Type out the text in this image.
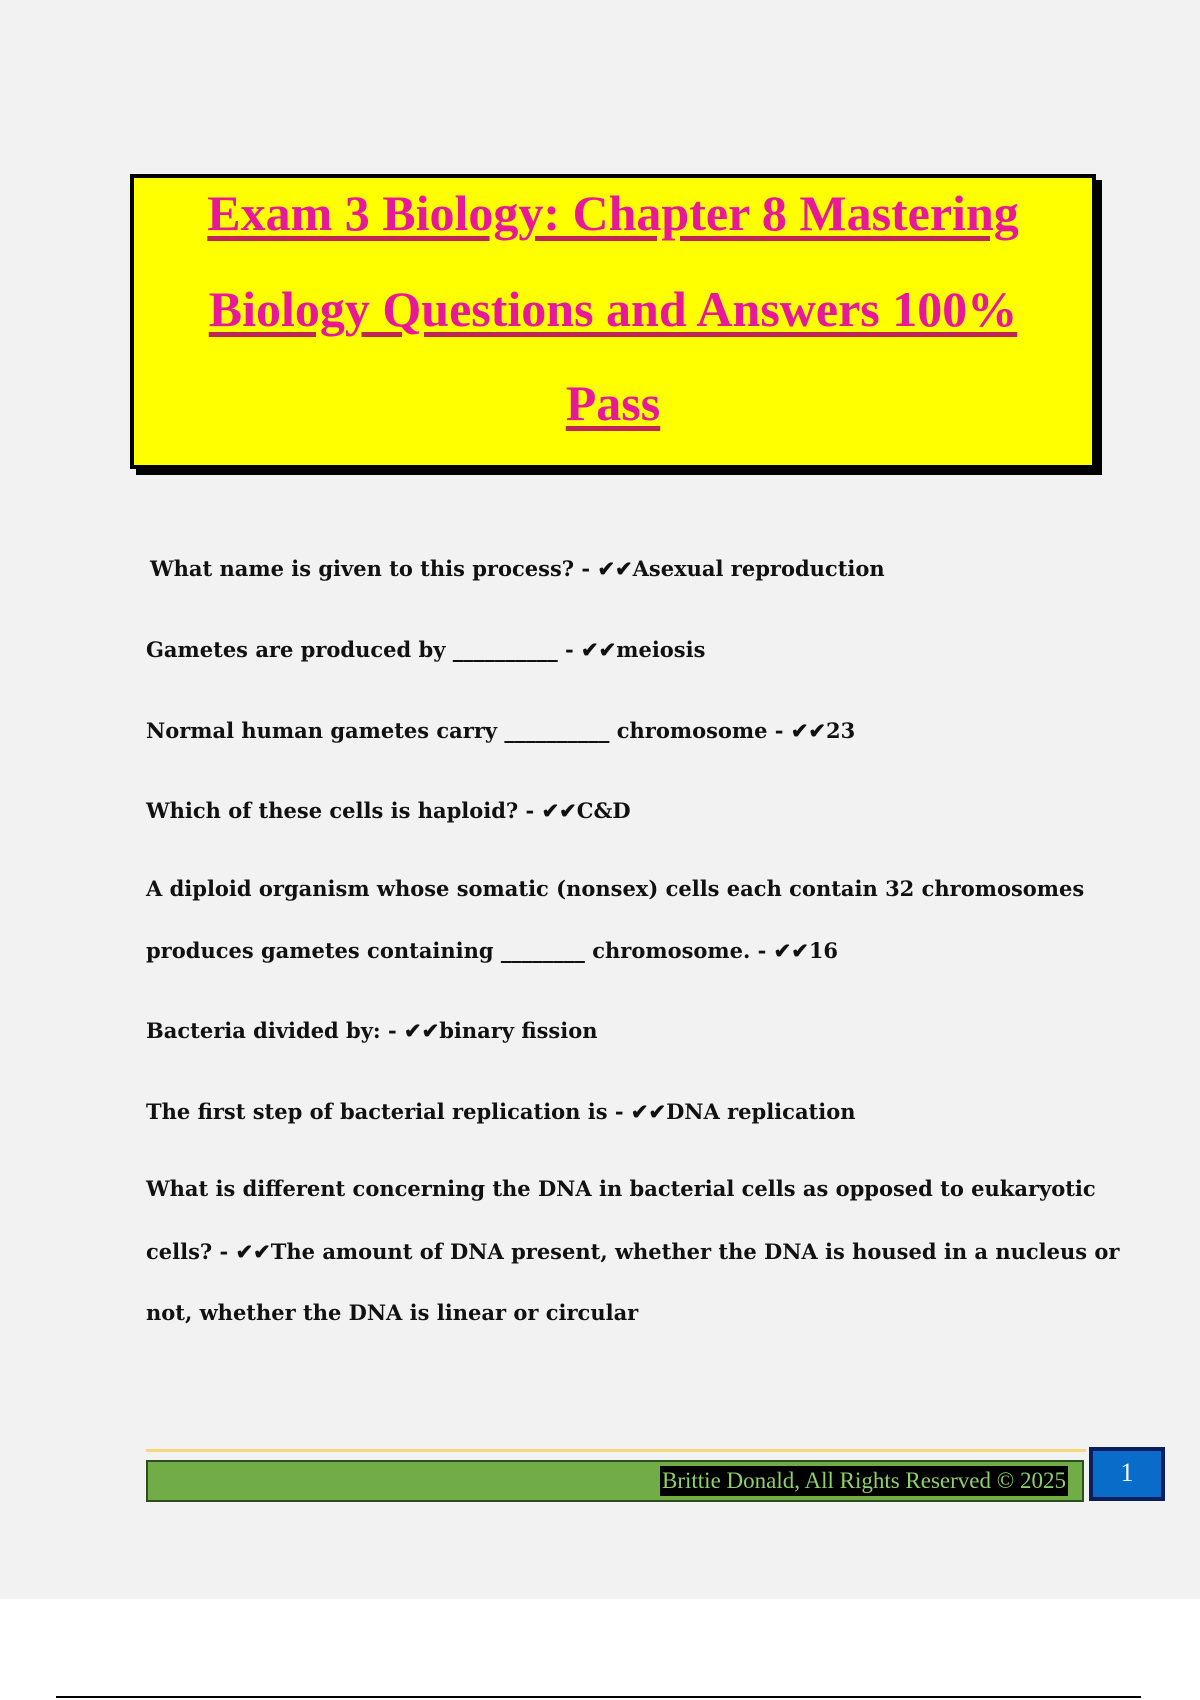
Exam 3 Biology: Chapter 8 Mastering
Biology Questions and Answers 100%
Pass
What name is given to this process? - ✔✔Asexual reproduction
Gametes are produced by __________ - ✔✔meiosis
Normal human gametes carry __________ chromosome - ✔✔23
Which of these cells is haploid? - ✔✔C&D
A diploid organism whose somatic (nonsex) cells each contain 32 chromosomes
produces gametes containing ________ chromosome. - ✔✔16
Bacteria divided by: - ✔✔binary fission
The first step of bacterial replication is - ✔✔DNA replication
What is different concerning the DNA in bacterial cells as opposed to eukaryotic
cells? - ✔✔The amount of DNA present, whether the DNA is housed in a nucleus or
not, whether the DNA is linear or circular
Brittie Donald, All Rights Reserved © 2025	1
